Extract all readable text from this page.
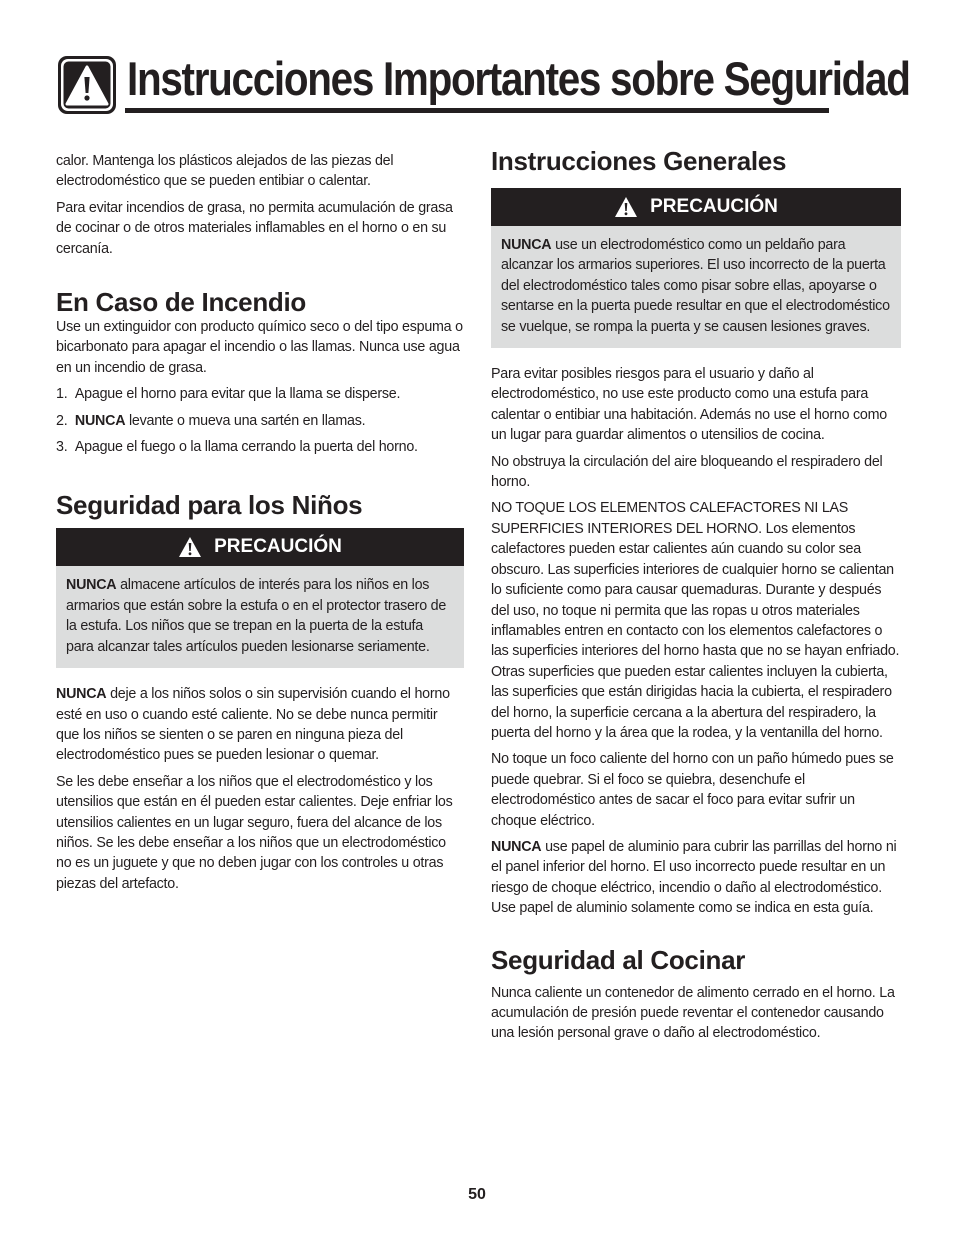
Instrucciones Importantes sobre Seguridad

calor. Mantenga los plásticos alejados de las piezas del electrodoméstico que se pueden entibiar o calentar.

Para evitar incendios de grasa, no permita acumulación de grasa de cocinar o de otros materiales inflamables en el horno o en su cercanía.

En Caso de Incendio

Use un extinguidor con producto químico seco o del tipo espuma o bicarbonato para apagar el incendio o las llamas. Nunca use agua en un incendio de grasa.

1. Apague el horno para evitar que la llama se disperse.
2. NUNCA levante o mueva una sartén en llamas.
3. Apague el fuego o la llama cerrando la puerta del horno.
Seguridad para los Niños
PRECAUCIÓN

NUNCA almacene artículos de interés para los niños en los armarios que están sobre la estufa o en el protector trasero de la estufa. Los niños que se trepan en la puerta de la estufa para alcanzar tales artículos pueden lesionarse seriamente.

NUNCA deje a los niños solos o sin supervisión cuando el horno esté en uso o cuando esté caliente. No se debe nunca permitir que los niños se sienten o se paren en ninguna pieza del electrodoméstico pues se pueden lesionar o quemar.

Se les debe enseñar a los niños que el electrodoméstico y los utensilios que están en él pueden estar calientes. Deje enfriar los utensilios calientes en un lugar seguro, fuera del alcance de los niños. Se les debe enseñar a los niños que un electrodoméstico no es un juguete y que no deben jugar con los controles u otras piezas del artefacto.

Instrucciones Generales
PRECAUCIÓN

NUNCA use un electrodoméstico como un peldaño para alcanzar los armarios superiores. El uso incorrecto de la puerta del electrodoméstico tales como pisar sobre ellas, apoyarse o sentarse en la puerta puede resultar en que el electrodoméstico se vuelque, se rompa la puerta y se causen lesiones graves.

Para evitar posibles riesgos para el usuario y daño al electrodoméstico, no use este producto como una estufa para calentar o entibiar una habitación. Además no use el horno como un lugar para guardar alimentos o utensilios de cocina.

No obstruya la circulación del aire bloqueando el respiradero del horno.

NO TOQUE LOS ELEMENTOS CALEFACTORES NI LAS SUPERFICIES INTERIORES DEL HORNO. Los elementos calefactores pueden estar calientes aún cuando su color sea obscuro. Las superficies interiores de cualquier horno se calientan lo suficiente como para causar quemaduras. Durante y después del uso, no toque ni permita que las ropas u otros materiales inflamables entren en contacto con los elementos calefactores o las superficies interiores del horno hasta que no se hayan enfriado. Otras superficies que pueden estar calientes incluyen la cubierta, las superficies que están dirigidas hacia la cubierta, el respiradero del horno, la superficie cercana a la abertura del respiradero, la puerta del horno y la área que la rodea, y la ventanilla del horno.

No toque un foco caliente del horno con un paño húmedo pues se puede quebrar. Si el foco se quiebra, desenchufe el electrodoméstico antes de sacar el foco para evitar sufrir un choque eléctrico.

NUNCA use papel de aluminio para cubrir las parrillas del horno ni el panel inferior del horno. El uso incorrecto puede resultar en un riesgo de choque eléctrico, incendio o daño al electrodoméstico. Use papel de aluminio solamente como se indica en esta guía.

Seguridad al Cocinar

Nunca caliente un contenedor de alimento cerrado en el horno. La acumulación de presión puede reventar el contenedor causando una lesión personal grave o daño al electrodoméstico.

50
